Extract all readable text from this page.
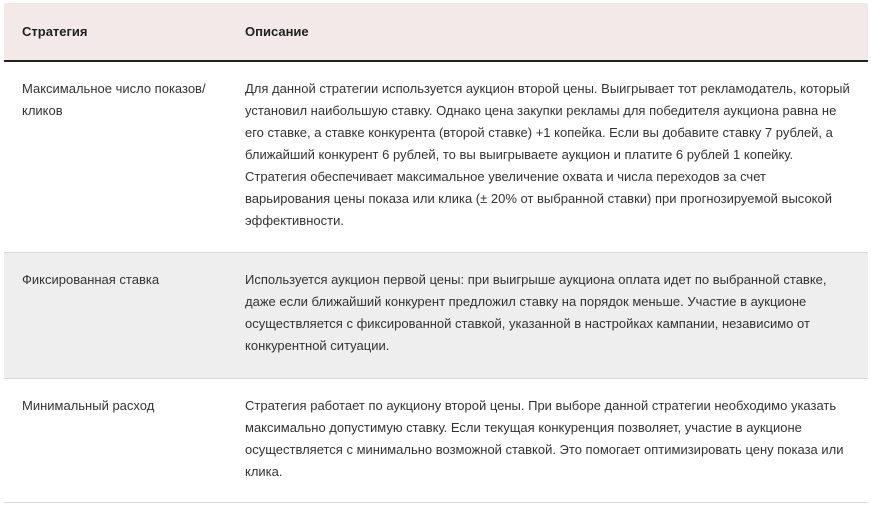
Стратегия	Описание
Максимальное число показов/кликов	Для данной стратегии используется аукцион второй цены. Выигрывает тот рекламодатель, который установил наибольшую ставку. Однако цена закупки рекламы для победителя аукциона равна не его ставке, а ставке конкурента (второй ставке) +1 копейка. Если вы добавите ставку 7 рублей, а ближайший конкурент 6 рублей, то вы выигрываете аукцион и платите 6 рублей 1 копейку. Стратегия обеспечивает максимальное увеличение охвата и числа переходов за счет варьирования цены показа или клика (± 20% от выбранной ставки) при прогнозируемой высокой эффективности.
Фиксированная ставка	Используется аукцион первой цены: при выигрыше аукциона оплата идет по выбранной ставке, даже если ближайший конкурент предложил ставку на порядок меньше. Участие в аукционе осуществляется с фиксированной ставкой, указанной в настройках кампании, независимо от конкурентной ситуации.
Минимальный расход	Стратегия работает по аукциону второй цены. При выборе данной стратегии необходимо указать максимально допустимую ставку. Если текущая конкуренция позволяет, участие в аукционе осуществляется с минимально возможной ставкой. Это помогает оптимизировать цену показа или клика.
